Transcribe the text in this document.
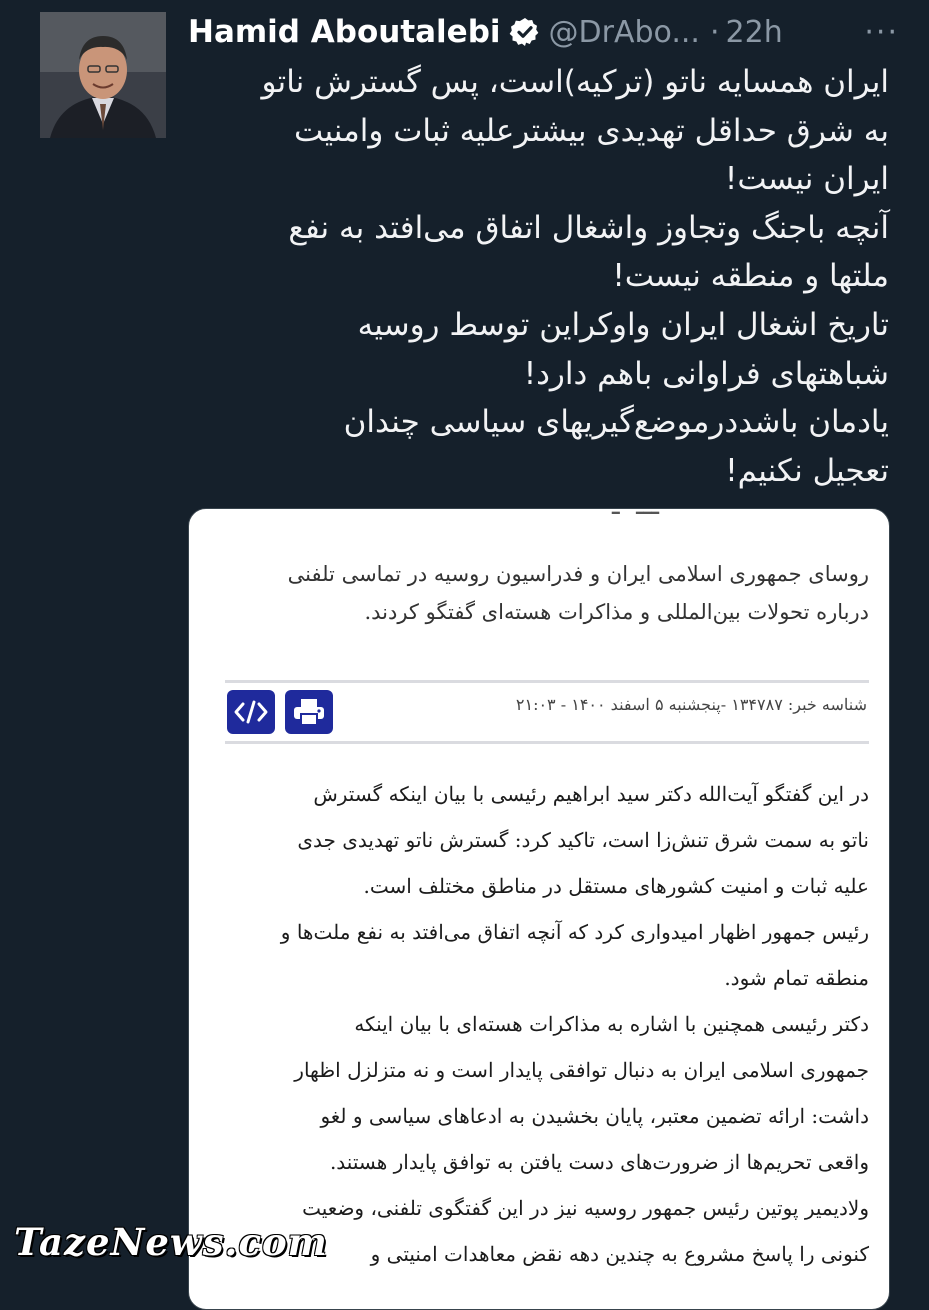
Hamid Aboutalebi @DrAbo... · 22h	···
ایران همسایه ناتو (ترکیه)است، پس گسترش ناتو
به شرق حداقل تهدیدی بیشترعلیه ثبات وامنیت
ایران نیست!
آنچه باجنگ وتجاوز واشغال اتفاق می‌افتد به نفع
ملتها و منطقه نیست!
تاریخ اشغال ایران واوکراین توسط روسیه
شباهتهای فراوانی باهم دارد!
یادمان باشددرموضع‌گیریهای سیاسی چندان
تعجیل نکنیم!
‎ـــ ‍ ـ
روسای جمهوری اسلامی ایران و فدراسیون روسیه در تماسی تلفنی
درباره تحولات بین‌المللی و مذاکرات هسته‌ای گفتگو کردند.
شناسه خبر: ۱۳۴۷۸۷ -پنجشنبه ۵ اسفند ۱۴۰۰ - ۲۱:۰۳
در این گفتگو آیت‌الله دکتر سید ابراهیم رئیسی با بیان اینکه گسترش
ناتو به سمت شرق تنش‌زا است، تاکید کرد: گسترش ناتو تهدیدی جدی
علیه ثبات و امنیت کشورهای مستقل در مناطق مختلف است.
رئیس جمهور اظهار امیدواری کرد که آنچه اتفاق می‌افتد به نفع ملت‌ها و
منطقه تمام شود.
دکتر رئیسی همچنین با اشاره به مذاکرات هسته‌ای با بیان اینکه
جمهوری اسلامی ایران به دنبال توافقی پایدار است و نه متزلزل اظهار
داشت: ارائه تضمین معتبر، پایان بخشیدن به ادعاهای سیاسی و لغو
واقعی تحریم‌ها از ضرورت‌های دست یافتن به توافق پایدار هستند.
ولادیمیر پوتین رئیس جمهور روسیه نیز در این گفتگوی تلفنی، وضعیت
کنونی را پاسخ مشروع به چندین دهه نقض معاهدات امنیتی و
TazeNews.com
